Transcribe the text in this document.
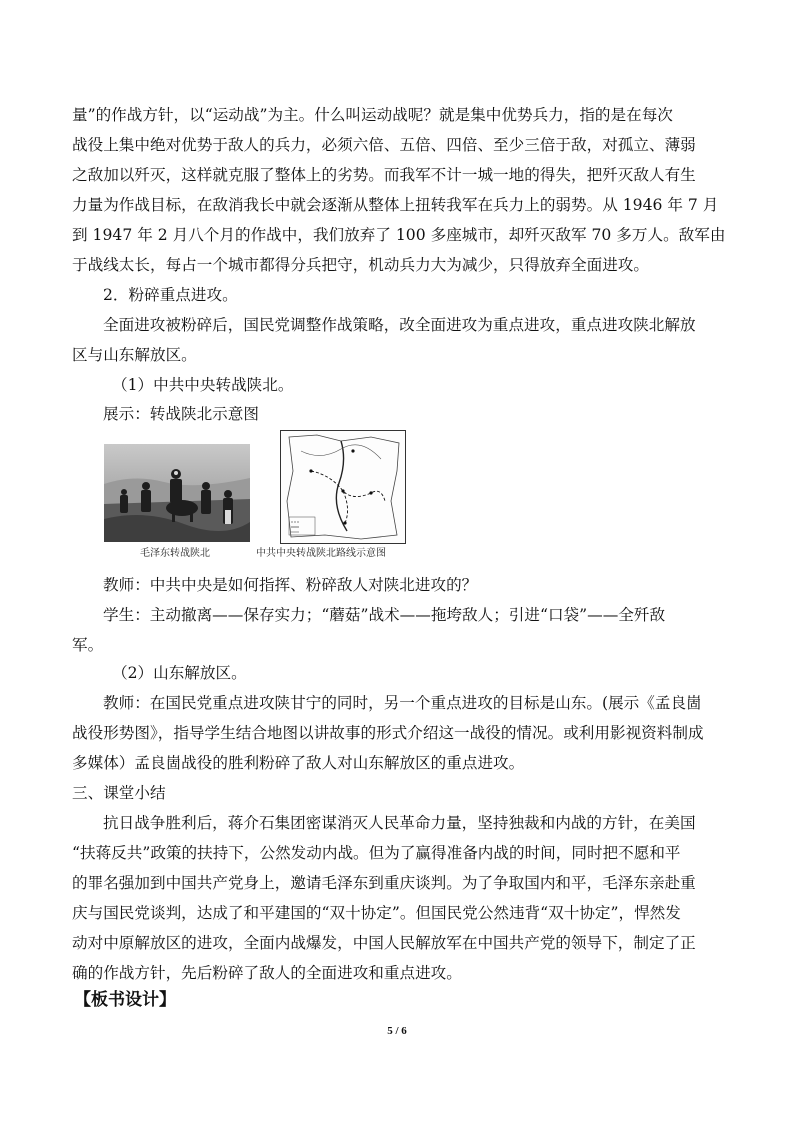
量”的作战方针，以“运动战”为主。什么叫运动战呢？就是集中优势兵力，指的是在每次
战役上集中绝对优势于敌人的兵力，必须六倍、五倍、四倍、至少三倍于敌，对孤立、薄弱
之敌加以歼灭，这样就克服了整体上的劣势。而我军不计一城一地的得失，把歼灭敌人有生
力量为作战目标，在敌消我长中就会逐渐从整体上扭转我军在兵力上的弱势。从 1946 年 7 月
到 1947 年 2 月八个月的作战中，我们放弃了 100 多座城市，却歼灭敌军 70 多万人。敌军由
于战线太长，每占一个城市都得分兵把守，机动兵力大为减少，只得放弃全面进攻。
2．粉碎重点进攻。
全面进攻被粉碎后，国民党调整作战策略，改全面进攻为重点进攻，重点进攻陕北解放
区与山东解放区。
（1）中共中央转战陕北。
展示：转战陕北示意图
毛泽东转战陕北	中共中央转战陕北路线示意图
教师：中共中央是如何指挥、粉碎敌人对陕北进攻的？
学生：主动撤离——保存实力；“蘑菇”战术——拖垮敌人；引进“口袋”——全歼敌
军。
（2）山东解放区。
教师：在国民党重点进攻陕甘宁的同时，另一个重点进攻的目标是山东。(展示《孟良崮
战役形势图》，指导学生结合地图以讲故事的形式介绍这一战役的情况。或利用影视资料制成
多媒体）孟良崮战役的胜利粉碎了敌人对山东解放区的重点进攻。
三、课堂小结
抗日战争胜利后，蒋介石集团密谋消灭人民革命力量，坚持独裁和内战的方针，在美国
“扶蒋反共”政策的扶持下，公然发动内战。但为了赢得准备内战的时间，同时把不愿和平
的罪名强加到中国共产党身上，邀请毛泽东到重庆谈判。为了争取国内和平，毛泽东亲赴重
庆与国民党谈判，达成了和平建国的“双十协定”。但国民党公然违背“双十协定”，悍然发
动对中原解放区的进攻，全面内战爆发，中国人民解放军在中国共产党的领导下，制定了正
确的作战方针，先后粉碎了敌人的全面进攻和重点进攻。
【板书设计】
5 / 6
